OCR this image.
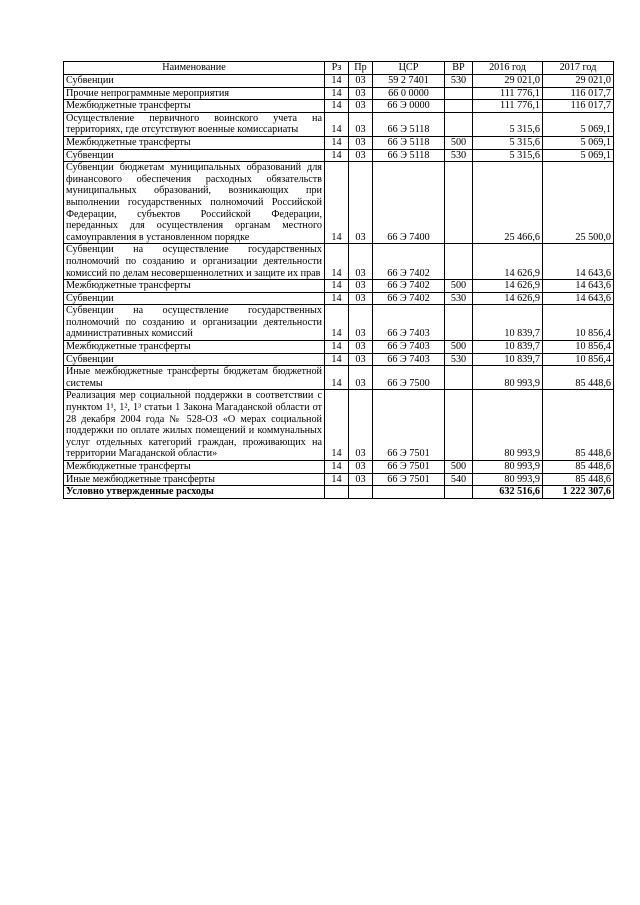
Наименование	Рз	Пр	ЦСР	ВР	2016 год	2017 год
Субвенции	14	03	59 2 7401	530	29 021,0	29 021,0
Прочие непрограммные мероприятия	14	03	66 0 0000		111 776,1	116 017,7
Межбюджетные трансферты	14	03	66 Э 0000		111 776,1	116 017,7
Осуществление первичного воинского учета на территориях, где отсутствуют военные комиссариаты	14	03	66 Э 5118		5 315,6	5 069,1
Межбюджетные трансферты	14	03	66 Э 5118	500	5 315,6	5 069,1
Субвенции	14	03	66 Э 5118	530	5 315,6	5 069,1
Субвенции бюджетам муниципальных образований для финансового обеспечения расходных обязательств муниципальных образований, возникающих при выполнении государственных полномочий Российской Федерации, субъектов Российской Федерации, переданных для осуществления органам местного самоуправления в установленном порядке	14	03	66 Э 7400		25 466,6	25 500,0
Субвенции на осуществление государственных полномочий по созданию и организации деятельности комиссий по делам несовершеннолетних и защите их прав	14	03	66 Э 7402		14 626,9	14 643,6
Межбюджетные трансферты	14	03	66 Э 7402	500	14 626,9	14 643,6
Субвенции	14	03	66 Э 7402	530	14 626,9	14 643,6
Субвенции на осуществление государственных полномочий по созданию и организации деятельности административных комиссий	14	03	66 Э 7403		10 839,7	10 856,4
Межбюджетные трансферты	14	03	66 Э 7403	500	10 839,7	10 856,4
Субвенции	14	03	66 Э 7403	530	10 839,7	10 856,4
Иные межбюджетные трансферты бюджетам бюджетной системы	14	03	66 Э 7500		80 993,9	85 448,6
Реализация мер социальной поддержки в соответствии с пунктом 1¹, 1², 1³ статьи 1 Закона Магаданской области от 28 декабря 2004 года № 528-ОЗ «О мерах социальной поддержки по оплате жилых помещений и коммунальных услуг отдельных категорий граждан, проживающих на территории Магаданской области»	14	03	66 Э 7501		80 993,9	85 448,6
Межбюджетные трансферты	14	03	66 Э 7501	500	80 993,9	85 448,6
Иные межбюджетные трансферты	14	03	66 Э 7501	540	80 993,9	85 448,6
Условно утвержденные расходы					632 516,6	1 222 307,6
